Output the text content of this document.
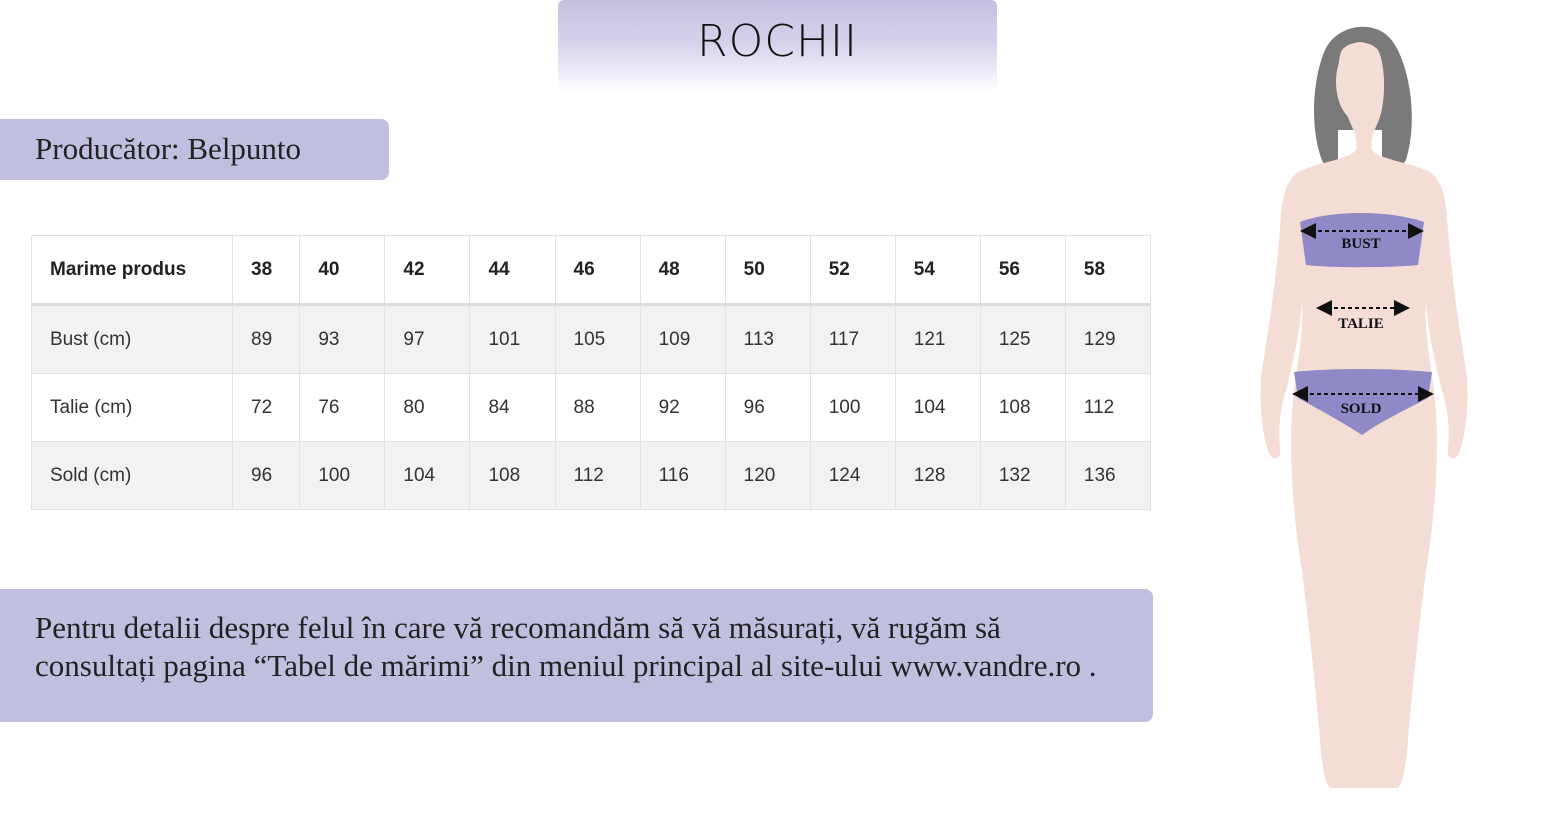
ROCHII
Producător: Belpunto
Marime produs	38	40	42	44	46	48	50	52	54	56	58
Bust (cm)	89	93	97	101	105	109	113	117	121	125	129
Talie (cm)	72	76	80	84	88	92	96	100	104	108	112
Sold (cm)	96	100	104	108	112	116	120	124	128	132	136
Pentru detalii despre felul în care vă recomandăm să vă măsurați, vă rugăm să
consultați pagina “Tabel de mărimi” din meniul principal al site-ului www.vandre.ro .
BUST
TALIE
SOLD
